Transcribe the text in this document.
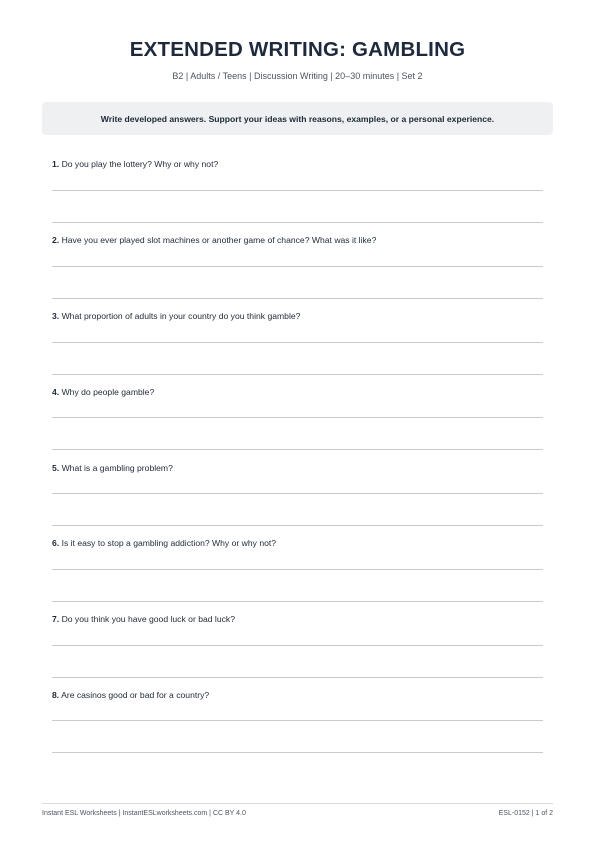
EXTENDED WRITING: GAMBLING
B2 | Adults / Teens | Discussion Writing | 20–30 minutes | Set 2
Write developed answers. Support your ideas with reasons, examples, or a personal experience.
1. Do you play the lottery? Why or why not?
2. Have you ever played slot machines or another game of chance? What was it like?
3. What proportion of adults in your country do you think gamble?
4. Why do people gamble?
5. What is a gambling problem?
6. Is it easy to stop a gambling addiction? Why or why not?
7. Do you think you have good luck or bad luck?
8. Are casinos good or bad for a country?
Instant ESL Worksheets | InstantESLworksheets.com | CC BY 4.0	ESL-0152 | 1 of 2
